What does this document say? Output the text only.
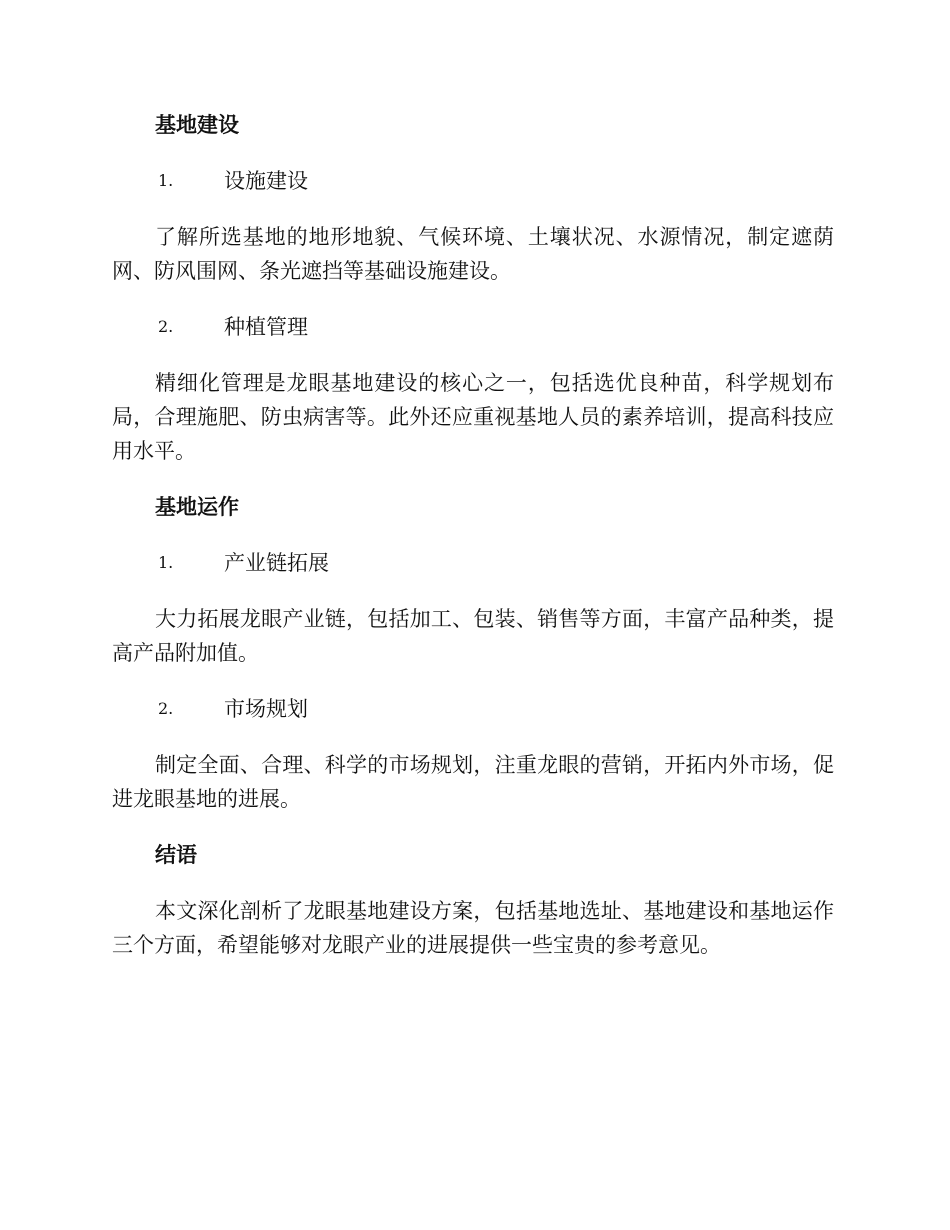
基地建设
1.	设施建设

了解所选基地的地形地貌、气候环境、土壤状况、水源情况，制定遮荫网、防风围网、条光遮挡等基础设施建设。

2.	种植管理

精细化管理是龙眼基地建设的核心之一，包括选优良种苗，科学规划布局，合理施肥、防虫病害等。此外还应重视基地人员的素养培训，提高科技应用水平。

基地运作
1.	产业链拓展

大力拓展龙眼产业链，包括加工、包装、销售等方面，丰富产品种类，提高产品附加值。

2.	市场规划

制定全面、合理、科学的市场规划，注重龙眼的营销，开拓内外市场，促进龙眼基地的进展。

结语

本文深化剖析了龙眼基地建设方案，包括基地选址、基地建设和基地运作三个方面，希望能够对龙眼产业的进展提供一些宝贵的参考意见。
